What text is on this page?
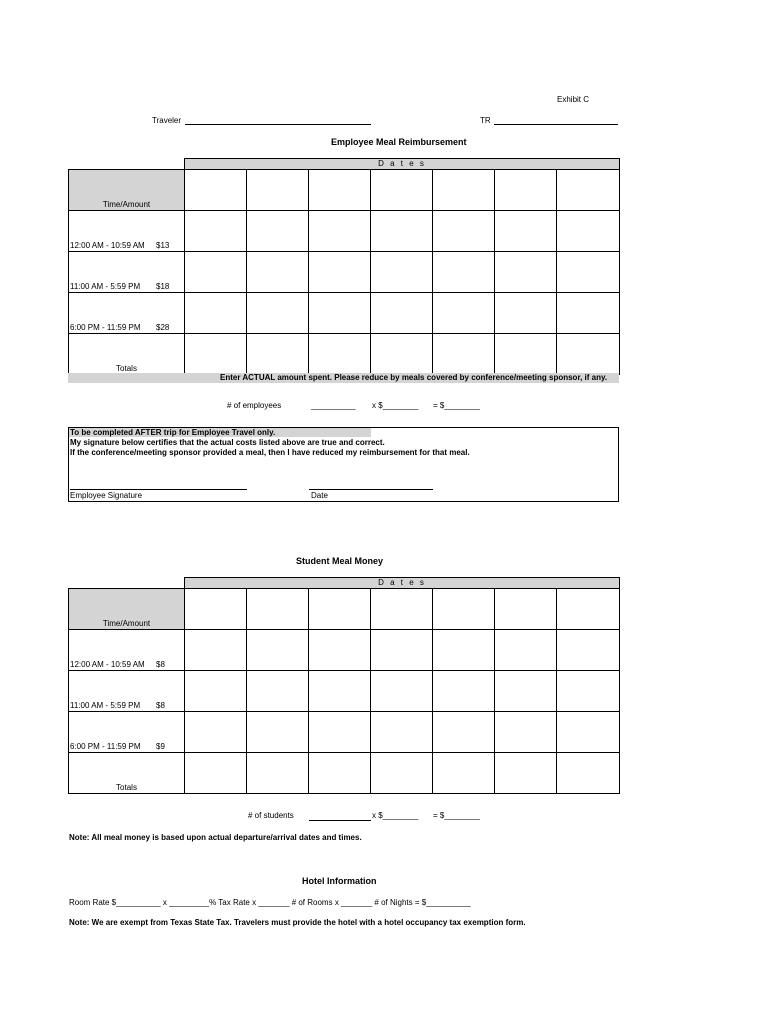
Exhibit C
Traveler	TR
Employee Meal Reimbursement
	D a t e s						
Time/Amount							
12:00 AM - 10:59 AM $13							
11:00 AM - 5:59 PM $18							
6:00 PM - 11:59 PM $28							
Totals							
Enter ACTUAL amount spent. Please reduce by meals covered by conference/meeting sponsor, if any.
# of employees	__________ x $________ = $________
To be completed AFTER trip for Employee Travel only.
My signature below certifies that the actual costs listed above are true and correct.
If the conference/meeting sponsor provided a meal, then I have reduced my reimbursement for that meal.
Employee Signature	Date
Student Meal Money
	D a t e s						
Time/Amount							
12:00 AM - 10:59 AM $8							
11:00 AM - 5:59 PM $8							
6:00 PM - 11:59 PM $9							
Totals							
# of students	x $________ = $________
Note: All meal money is based upon actual departure/arrival dates and times.
Hotel Information
Room Rate $__________ x _________% Tax Rate x _______ # of Rooms x _______ # of Nights = $__________
Note: We are exempt from Texas State Tax. Travelers must provide the hotel with a hotel occupancy tax exemption form.
